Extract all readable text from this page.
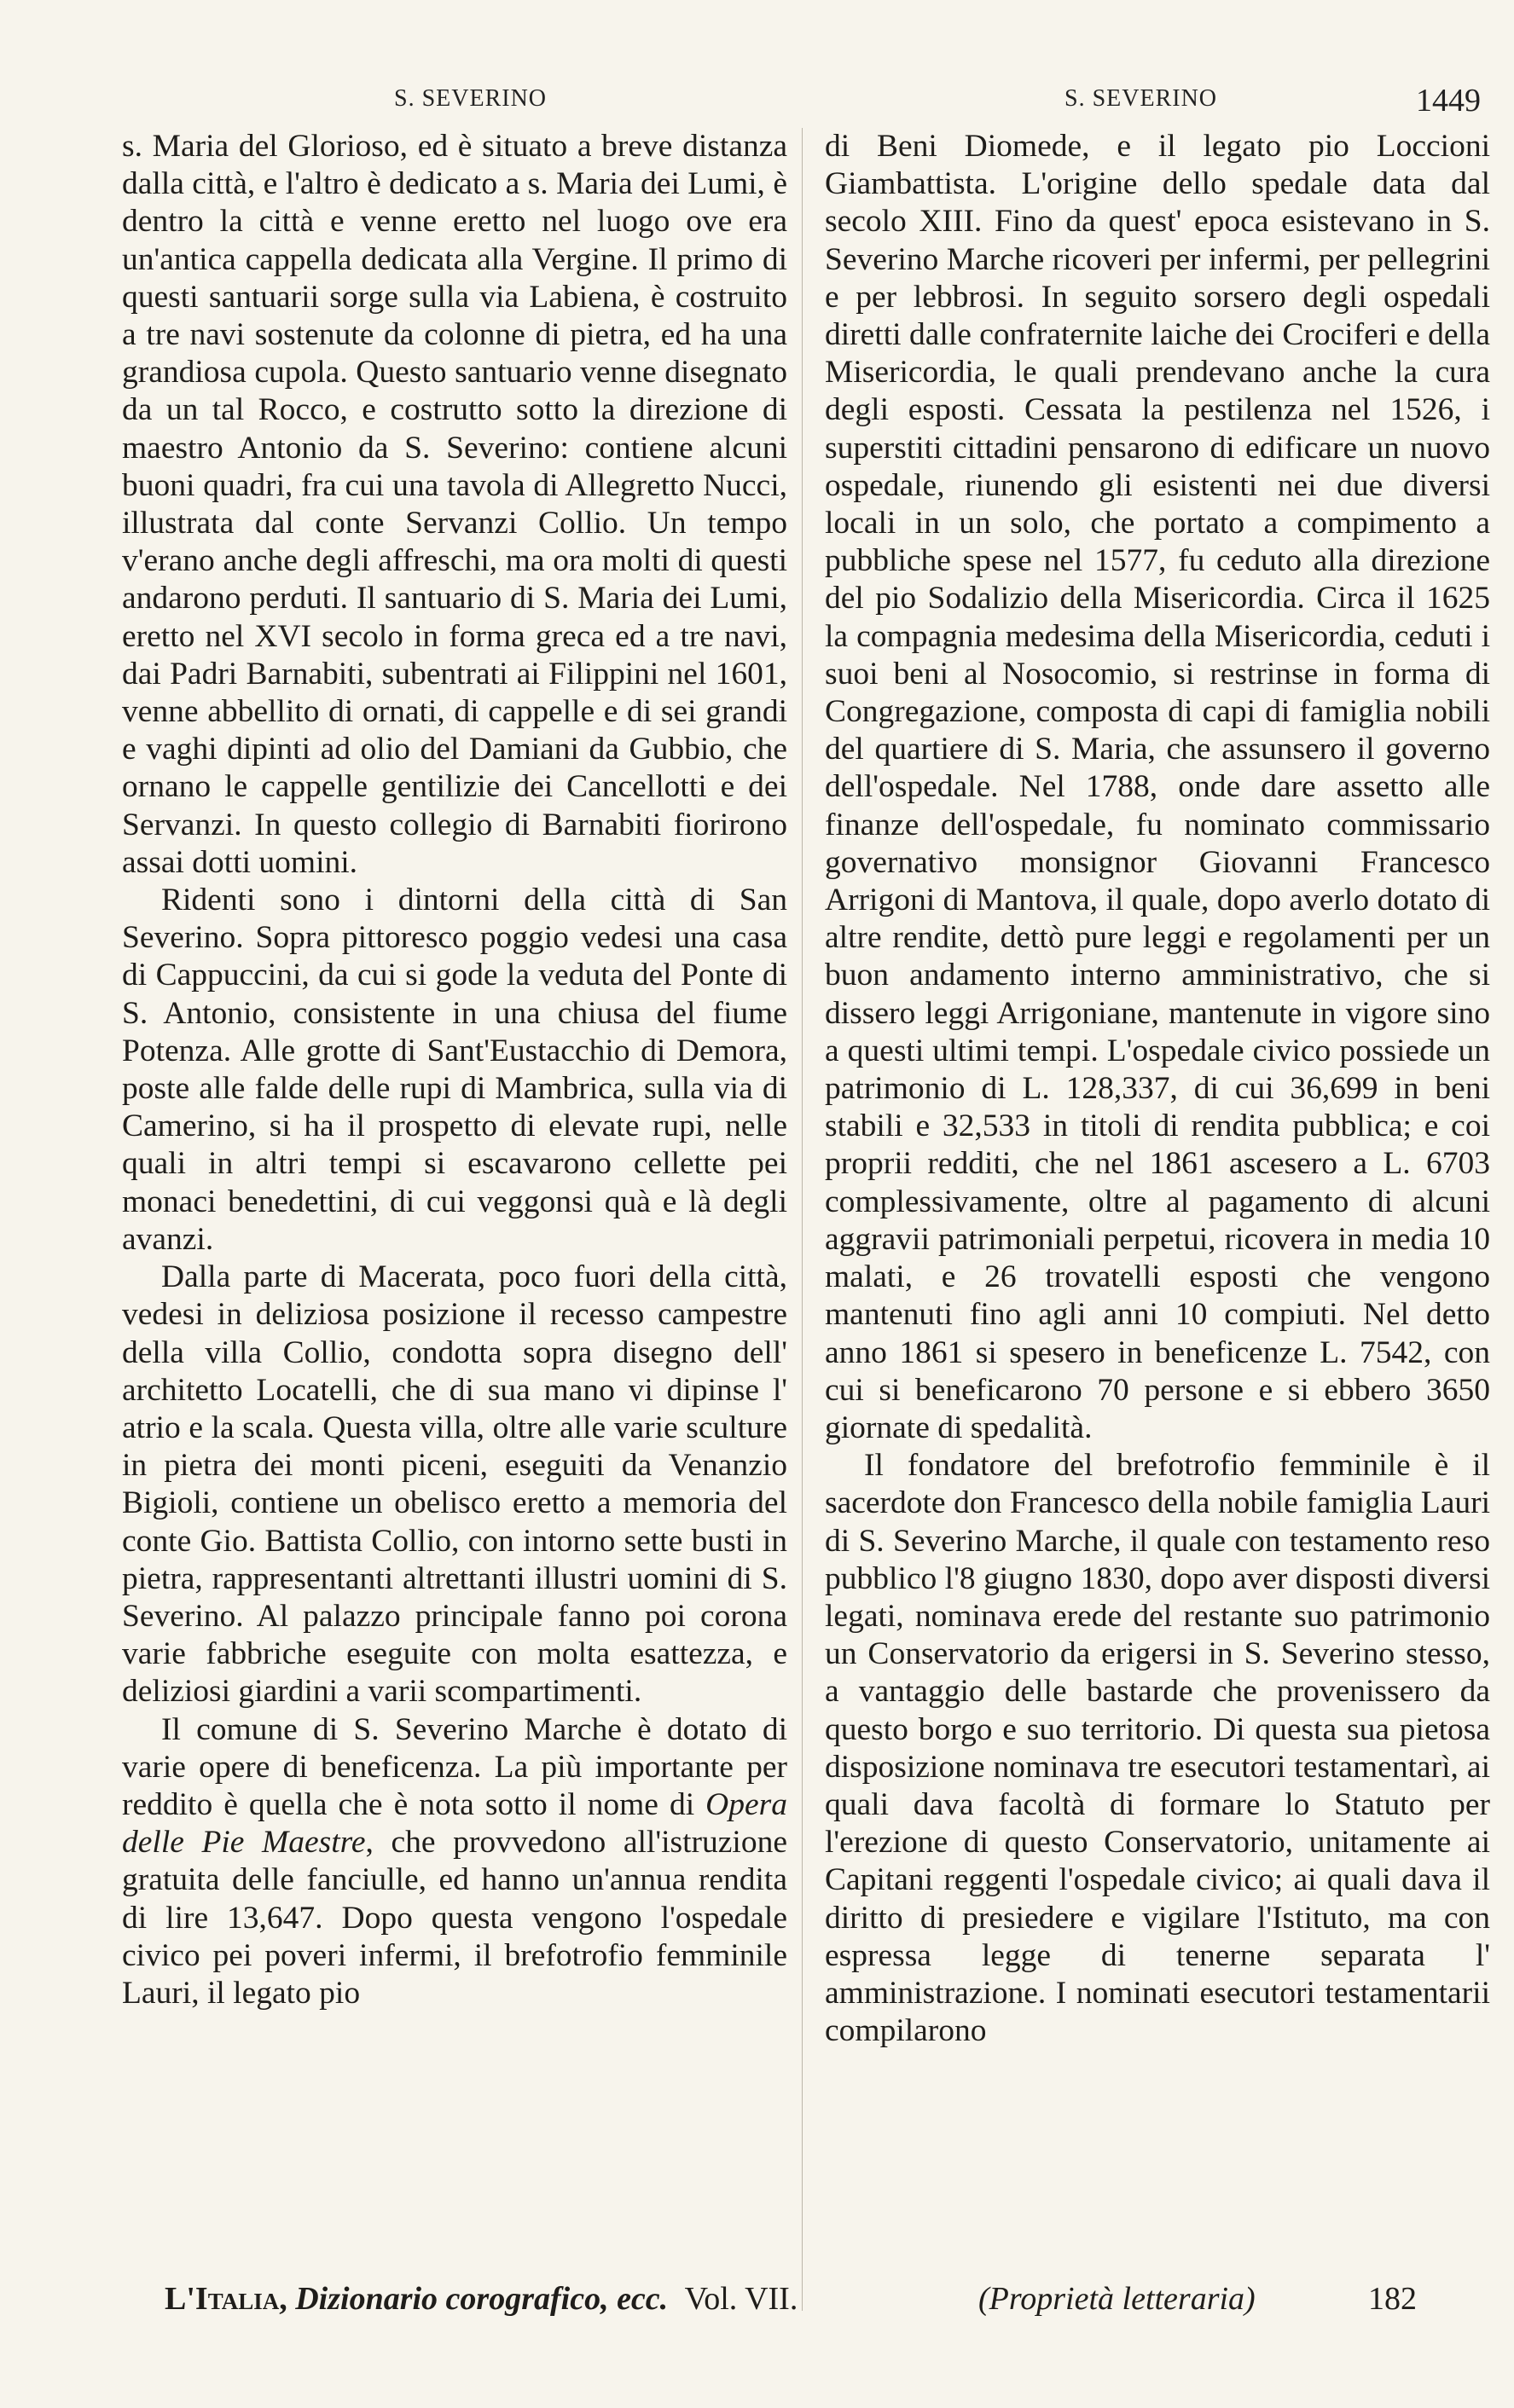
S. SEVERINO	S. SEVERINO	1449

s. Maria del Glorioso, ed è situato a breve distanza dalla città, e l'altro è dedicato a s. Maria dei Lumi, è dentro la città e venne eretto nel luogo ove era un'antica cappella dedicata alla Vergine. Il primo di questi santuarii sorge sulla via Labiena, è costruito a tre navi sostenute da colonne di pietra, ed ha una grandiosa cupola. Questo santuario venne disegnato da un tal Rocco, e costrutto sotto la direzione di maestro Antonio da S. Severino: contiene alcuni buoni quadri, fra cui una tavola di Allegretto Nucci, illustrata dal conte Servanzi Collio. Un tempo v'erano anche degli affreschi, ma ora molti di questi andarono perduti. Il santuario di S. Maria dei Lumi, eretto nel XVI secolo in forma greca ed a tre navi, dai Padri Barnabiti, subentrati ai Filippini nel 1601, venne abbellito di ornati, di cappelle e di sei grandi e vaghi dipinti ad olio del Damiani da Gubbio, che ornano le cappelle gentilizie dei Cancellotti e dei Servanzi. In questo collegio di Barnabiti fiorirono assai dotti uomini.

Ridenti sono i dintorni della città di San Severino. Sopra pittoresco poggio vedesi una casa di Cappuccini, da cui si gode la veduta del Ponte di S. Antonio, consistente in una chiusa del fiume Potenza. Alle grotte di Sant'Eustacchio di Demora, poste alle falde delle rupi di Mambrica, sulla via di Camerino, si ha il prospetto di elevate rupi, nelle quali in altri tempi si escavarono cellette pei monaci benedettini, di cui veggonsi quà e là degli avanzi.

Dalla parte di Macerata, poco fuori della città, vedesi in deliziosa posizione il recesso campestre della villa Collio, condotta sopra disegno dell' architetto Locatelli, che di sua mano vi dipinse l' atrio e la scala. Questa villa, oltre alle varie sculture in pietra dei monti piceni, eseguiti da Venanzio Bigioli, contiene un obelisco eretto a memoria del conte Gio. Battista Collio, con intorno sette busti in pietra, rappresentanti altrettanti illustri uomini di S. Severino. Al palazzo principale fanno poi corona varie fabbriche eseguite con molta esattezza, e deliziosi giardini a varii scompartimenti.

Il comune di S. Severino Marche è dotato di varie opere di beneficenza. La più importante per reddito è quella che è nota sotto il nome di Opera delle Pie Maestre, che provvedono all'istruzione gratuita delle fanciulle, ed hanno un'annua rendita di lire 13,647. Dopo questa vengono l'ospedale civico pei poveri infermi, il brefotrofio femminile Lauri, il legato pio

di Beni Diomede, e il legato pio Loccioni Giambattista. L'origine dello spedale data dal secolo XIII. Fino da quest' epoca esistevano in S. Severino Marche ricoveri per infermi, per pellegrini e per lebbrosi. In seguito sorsero degli ospedali diretti dalle confraternite laiche dei Crociferi e della Misericordia, le quali prendevano anche la cura degli esposti. Cessata la pestilenza nel 1526, i superstiti cittadini pensarono di edificare un nuovo ospedale, riunendo gli esistenti nei due diversi locali in un solo, che portato a compimento a pubbliche spese nel 1577, fu ceduto alla direzione del pio Sodalizio della Misericordia. Circa il 1625 la compagnia medesima della Misericordia, ceduti i suoi beni al Nosocomio, si restrinse in forma di Congregazione, composta di capi di famiglia nobili del quartiere di S. Maria, che assunsero il governo dell'ospedale. Nel 1788, onde dare assetto alle finanze dell'ospedale, fu nominato commissario governativo monsignor Giovanni Francesco Arrigoni di Mantova, il quale, dopo averlo dotato di altre rendite, dettò pure leggi e regolamenti per un buon andamento interno amministrativo, che si dissero leggi Arrigoniane, mantenute in vigore sino a questi ultimi tempi. L'ospedale civico possiede un patrimonio di L. 128,337, di cui 36,699 in beni stabili e 32,533 in titoli di rendita pubblica; e coi proprii redditi, che nel 1861 ascesero a L. 6703 complessivamente, oltre al pagamento di alcuni aggravii patrimoniali perpetui, ricovera in media 10 malati, e 26 trovatelli esposti che vengono mantenuti fino agli anni 10 compiuti. Nel detto anno 1861 si spesero in beneficenze L. 7542, con cui si beneficarono 70 persone e si ebbero 3650 giornate di spedalità.

Il fondatore del brefotrofio femminile è il sacerdote don Francesco della nobile famiglia Lauri di S. Severino Marche, il quale con testamento reso pubblico l'8 giugno 1830, dopo aver disposti diversi legati, nominava erede del restante suo patrimonio un Conservatorio da erigersi in S. Severino stesso, a vantaggio delle bastarde che provenissero da questo borgo e suo territorio. Di questa sua pietosa disposizione nominava tre esecutori testamentarì, ai quali dava facoltà di formare lo Statuto per l'erezione di questo Conservatorio, unitamente ai Capitani reggenti l'ospedale civico; ai quali dava il diritto di presiedere e vigilare l'Istituto, ma con espressa legge di tenerne separata l' amministrazione. I nominati esecutori testamentarii compilarono

L'Italia, Dizionario corografico, ecc. Vol. VII.	(Proprietà letteraria)	182
